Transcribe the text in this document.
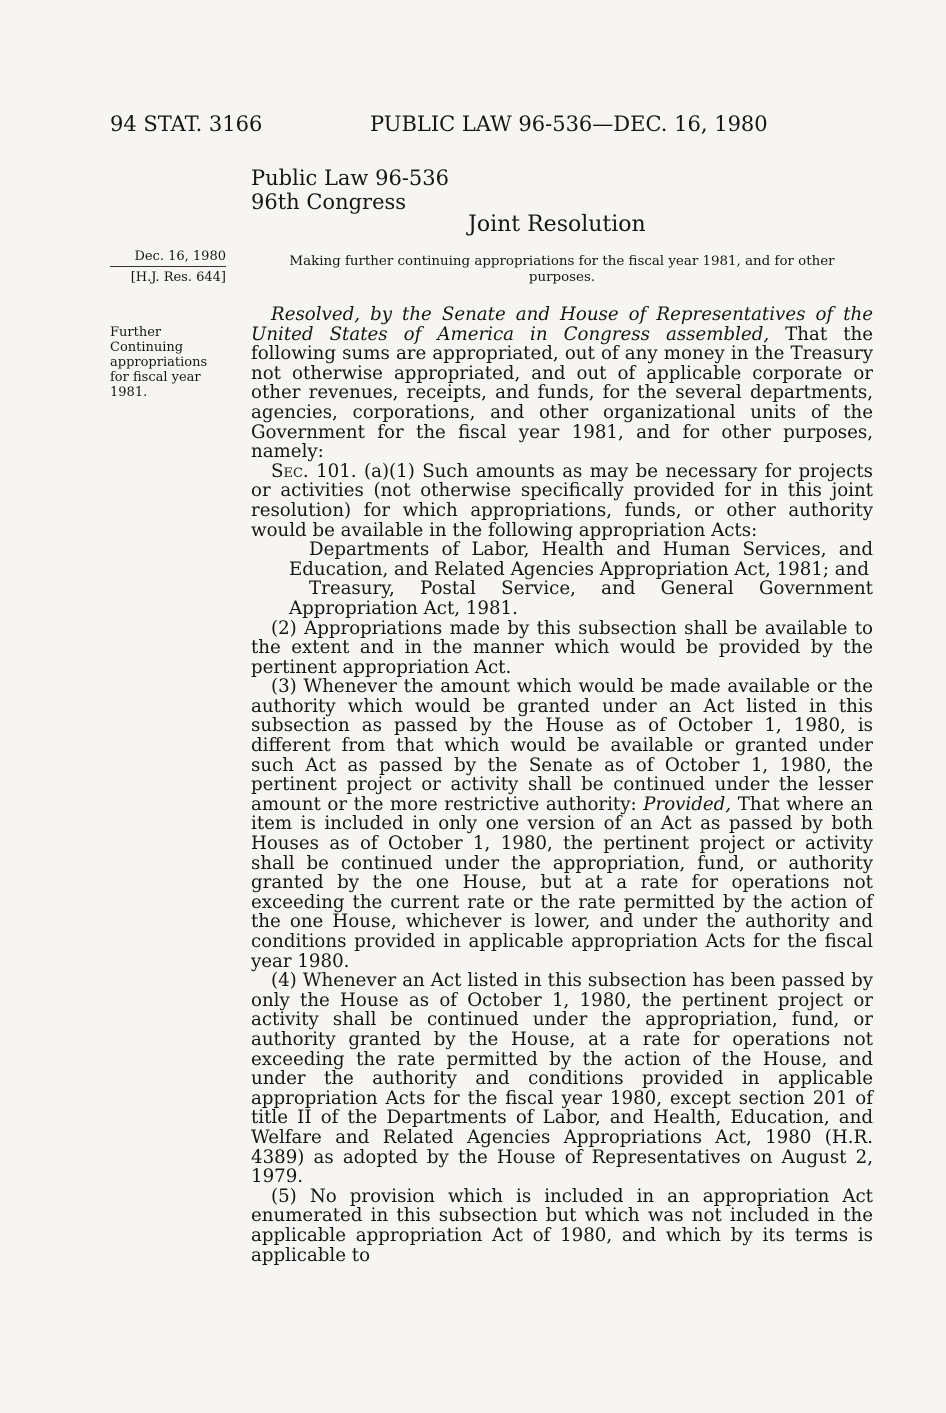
94 STAT. 3166	PUBLIC LAW 96-536—DEC. 16, 1980
Public Law 96-536
96th Congress
Joint Resolution
Dec. 16, 1980
[H.J. Res. 644]
Making further continuing appropriations for the fiscal year 1981, and for other
purposes.
Further
Continuing
appropriations
for fiscal year
1981.

Resolved, by the Senate and House of Representatives of the United States of America in Congress assembled, That the following sums are appropriated, out of any money in the Treasury not otherwise appropriated, and out of applicable corporate or other revenues, receipts, and funds, for the several departments, agencies, corporations, and other organizational units of the Government for the fiscal year 1981, and for other purposes, namely:

Sec. 101. (a)(1) Such amounts as may be necessary for projects or activities (not otherwise specifically provided for in this joint resolution) for which appropriations, funds, or other authority would be available in the following appropriation Acts:

Departments of Labor, Health and Human Services, and Education, and Related Agencies Appropriation Act, 1981; and

Treasury, Postal Service, and General Government Appropriation Act, 1981.

(2) Appropriations made by this subsection shall be available to the extent and in the manner which would be provided by the pertinent appropriation Act.

(3) Whenever the amount which would be made available or the authority which would be granted under an Act listed in this subsection as passed by the House as of October 1, 1980, is different from that which would be available or granted under such Act as passed by the Senate as of October 1, 1980, the pertinent project or activity shall be continued under the lesser amount or the more restrictive authority: Provided, That where an item is included in only one version of an Act as passed by both Houses as of October 1, 1980, the pertinent project or activity shall be continued under the appropriation, fund, or authority granted by the one House, but at a rate for operations not exceeding the current rate or the rate permitted by the action of the one House, whichever is lower, and under the authority and conditions provided in applicable appropriation Acts for the fiscal year 1980.

(4) Whenever an Act listed in this subsection has been passed by only the House as of October 1, 1980, the pertinent project or activity shall be continued under the appropriation, fund, or authority granted by the House, at a rate for operations not exceeding the rate permitted by the action of the House, and under the authority and conditions provided in applicable appropriation Acts for the fiscal year 1980, except section 201 of title II of the Departments of Labor, and Health, Education, and Welfare and Related Agencies Appropriations Act, 1980 (H.R. 4389) as adopted by the House of Representatives on August 2, 1979.

(5) No provision which is included in an appropriation Act enumerated in this subsection but which was not included in the applicable appropriation Act of 1980, and which by its terms is applicable to
